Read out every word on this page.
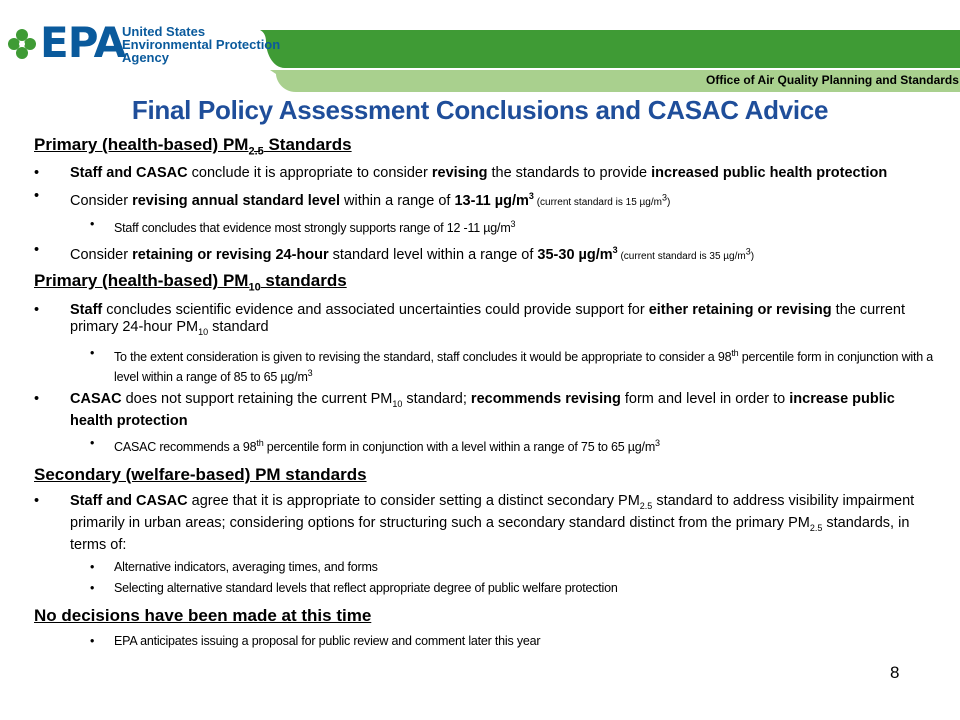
EPA
United States
Environmental Protection
Agency
Office of Air Quality Planning and Standards
Final Policy Assessment Conclusions and CASAC Advice
Primary (health-based) $PM_{2.5}$ Standards
• Staff and CASAC conclude it is appropriate to consider revising the standards to provide increased public health protection
• Consider revising annual standard level within a range of 13-11 $\mu g/m^3$ (current standard is 15 $\mu g/m^3$)
• Staff concludes that evidence most strongly supports range of 12 -11 $\mu g/m^3$
• Consider retaining or revising 24-hour standard level within a range of 35-30 $\mu g/m^3$ (current standard is 35 $\mu g/m^3$)
Primary (health-based) $PM_{10}$ standards
• Staff concludes scientific evidence and associated uncertainties could provide support for either retaining or revising the current primary 24-hour $PM_{10}$ standard
• To the extent consideration is given to revising the standard, staff concludes it would be appropriate to consider a 98th percentile form in conjunction with a level within a range of 85 to 65 $\mu g/m^3$
• CASAC does not support retaining the current $PM_{10}$ standard; recommends revising form and level in order to increase public health protection
• CASAC recommends a 98th percentile form in conjunction with a level within a range of 75 to 65 $\mu g/m^3$
Secondary (welfare-based) PM standards
• Staff and CASAC agree that it is appropriate to consider setting a distinct secondary $PM_{2.5}$ standard to address visibility impairment primarily in urban areas; considering options for structuring such a secondary standard distinct from the primary $PM_{2.5}$ standards, in terms of:
• Alternative indicators, averaging times, and forms
• Selecting alternative standard levels that reflect appropriate degree of public welfare protection
No decisions have been made at this time
• EPA anticipates issuing a proposal for public review and comment later this year
8
